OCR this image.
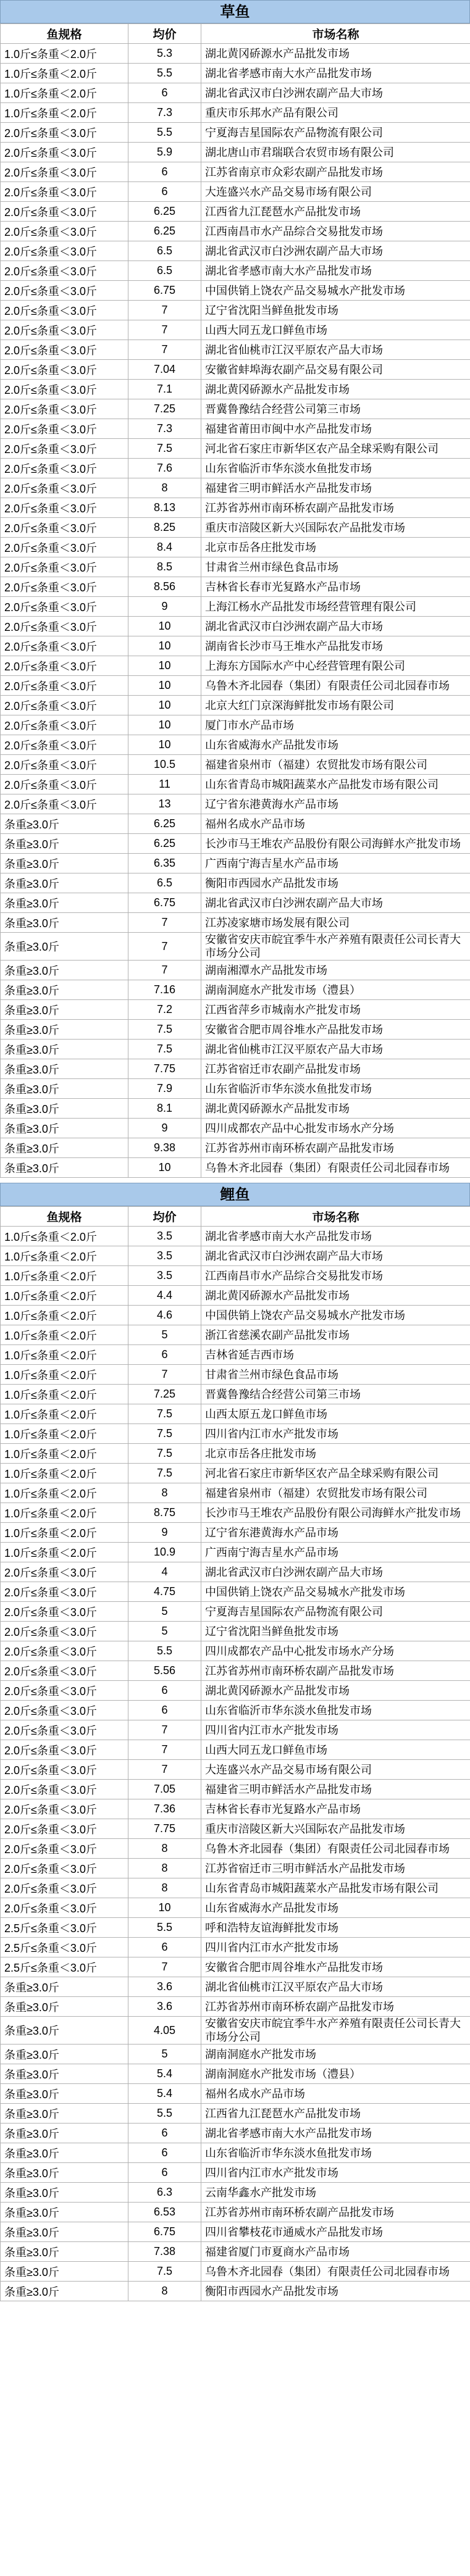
草鱼
鱼规格	均价	市场名称
1.0斤≤条重＜2.0斤	5.3	湖北黄冈硚源水产品批发市场
1.0斤≤条重＜2.0斤	5.5	湖北省孝感市南大水产品批发市场
1.0斤≤条重＜2.0斤	6	湖北省武汉市白沙洲农副产品大市场
1.0斤≤条重＜2.0斤	7.3	重庆市乐邦水产品有限公司
2.0斤≤条重＜3.0斤	5.5	宁夏海吉星国际农产品物流有限公司
2.0斤≤条重＜3.0斤	5.9	湖北唐山市君瑞联合农贸市场有限公司
2.0斤≤条重＜3.0斤	6	江苏省南京市众彩农副产品批发市场
2.0斤≤条重＜3.0斤	6	大连盛兴水产品交易市场有限公司
2.0斤≤条重＜3.0斤	6.25	江西省九江琵琶水产品批发市场
2.0斤≤条重＜3.0斤	6.25	江西南昌市水产品综合交易批发市场
2.0斤≤条重＜3.0斤	6.5	湖北省武汉市白沙洲农副产品大市场
2.0斤≤条重＜3.0斤	6.5	湖北省孝感市南大水产品批发市场
2.0斤≤条重＜3.0斤	6.75	中国供销上饶农产品交易城水产批发市场
2.0斤≤条重＜3.0斤	7	辽宁省沈阳当鲜鱼批发市场
2.0斤≤条重＜3.0斤	7	山西大同五龙口鲜鱼市场
2.0斤≤条重＜3.0斤	7	湖北省仙桃市江汉平原农产品大市场
2.0斤≤条重＜3.0斤	7.04	安徽省蚌埠海农副产品交易有限公司
2.0斤≤条重＜3.0斤	7.1	湖北黄冈硚源水产品批发市场
2.0斤≤条重＜3.0斤	7.25	晋冀鲁豫结合经营公司第三市场
2.0斤≤条重＜3.0斤	7.3	福建省莆田市闽中水产品批发市场
2.0斤≤条重＜3.0斤	7.5	河北省石家庄市新华区农产品全球采购有限公司
2.0斤≤条重＜3.0斤	7.6	山东省临沂市华东淡水鱼批发市场
2.0斤≤条重＜3.0斤	8	福建省三明市鲜活水产品批发市场
2.0斤≤条重＜3.0斤	8.13	江苏省苏州市南环桥农副产品批发市场
2.0斤≤条重＜3.0斤	8.25	重庆市涪陵区新大兴国际农产品批发市场
2.0斤≤条重＜3.0斤	8.4	北京市岳各庄批发市场
2.0斤≤条重＜3.0斤	8.5	甘肃省兰州市绿色食品市场
2.0斤≤条重＜3.0斤	8.56	吉林省长春市光复路水产品市场
2.0斤≤条重＜3.0斤	9	上海江杨水产品批发市场经营管理有限公司
2.0斤≤条重＜3.0斤	10	湖北省武汉市白沙洲农副产品大市场
2.0斤≤条重＜3.0斤	10	湖南省长沙市马王堆水产品批发市场
2.0斤≤条重＜3.0斤	10	上海东方国际水产中心经营管理有限公司
2.0斤≤条重＜3.0斤	10	乌鲁木齐北园春（集团）有限责任公司北园春市场
2.0斤≤条重＜3.0斤	10	北京大红门京深海鲜批发市场有限公司
2.0斤≤条重＜3.0斤	10	厦门市水产品市场
2.0斤≤条重＜3.0斤	10	山东省威海水产品批发市场
2.0斤≤条重＜3.0斤	10.5	福建省泉州市（福建）农贸批发市场有限公司
2.0斤≤条重＜3.0斤	11	山东省青岛市城阳蔬菜水产品批发市场有限公司
2.0斤≤条重＜3.0斤	13	辽宁省东港黄海水产品市场
条重≥3.0斤	6.25	福州名成水产品市场
条重≥3.0斤	6.25	长沙市马王堆农产品股份有限公司海鲜水产批发市场
条重≥3.0斤	6.35	广西南宁海吉星水产品市场
条重≥3.0斤	6.5	衡阳市西园水产品批发市场
条重≥3.0斤	6.75	湖北省武汉市白沙洲农副产品大市场
条重≥3.0斤	7	江苏凌家塘市场发展有限公司
条重≥3.0斤	7	安徽省安庆市皖宜季牛水产养殖有限责任公司长青大市场分公司
条重≥3.0斤	7	湖南湘潭水产品批发市场
条重≥3.0斤	7.16	湖南洞庭水产批发市场（澧县）
条重≥3.0斤	7.2	江西省萍乡市城南水产批发市场
条重≥3.0斤	7.5	安徽省合肥市周谷堆水产品批发市场
条重≥3.0斤	7.5	湖北省仙桃市江汉平原农产品大市场
条重≥3.0斤	7.75	江苏省宿迁市农副产品批发市场
条重≥3.0斤	7.9	山东省临沂市华东淡水鱼批发市场
条重≥3.0斤	8.1	湖北黄冈硚源水产品批发市场
条重≥3.0斤	9	四川成都农产品中心批发市场水产分场
条重≥3.0斤	9.38	江苏省苏州市南环桥农副产品批发市场
条重≥3.0斤	10	乌鲁木齐北园春（集团）有限责任公司北园春市场
鲤鱼
鱼规格	均价	市场名称
1.0斤≤条重＜2.0斤	3.5	湖北省孝感市南大水产品批发市场
1.0斤≤条重＜2.0斤	3.5	湖北省武汉市白沙洲农副产品大市场
1.0斤≤条重＜2.0斤	3.5	江西南昌市水产品综合交易批发市场
1.0斤≤条重＜2.0斤	4.4	湖北黄冈硚源水产品批发市场
1.0斤≤条重＜2.0斤	4.6	中国供销上饶农产品交易城水产批发市场
1.0斤≤条重＜2.0斤	5	浙江省慈溪农副产品批发市场
1.0斤≤条重＜2.0斤	6	吉林省延吉西市场
1.0斤≤条重＜2.0斤	7	甘肃省兰州市绿色食品市场
1.0斤≤条重＜2.0斤	7.25	晋冀鲁豫结合经营公司第三市场
1.0斤≤条重＜2.0斤	7.5	山西太原五龙口鲜鱼市场
1.0斤≤条重＜2.0斤	7.5	四川省内江市水产批发市场
1.0斤≤条重＜2.0斤	7.5	北京市岳各庄批发市场
1.0斤≤条重＜2.0斤	7.5	河北省石家庄市新华区农产品全球采购有限公司
1.0斤≤条重＜2.0斤	8	福建省泉州市（福建）农贸批发市场有限公司
1.0斤≤条重＜2.0斤	8.75	长沙市马王堆农产品股份有限公司海鲜水产批发市场
1.0斤≤条重＜2.0斤	9	辽宁省东港黄海水产品市场
1.0斤≤条重＜2.0斤	10.9	广西南宁海吉星水产品市场
2.0斤≤条重＜3.0斤	4	湖北省武汉市白沙洲农副产品大市场
2.0斤≤条重＜3.0斤	4.75	中国供销上饶农产品交易城水产批发市场
2.0斤≤条重＜3.0斤	5	宁夏海吉星国际农产品物流有限公司
2.0斤≤条重＜3.0斤	5	辽宁省沈阳当鲜鱼批发市场
2.0斤≤条重＜3.0斤	5.5	四川成都农产品中心批发市场水产分场
2.0斤≤条重＜3.0斤	5.56	江苏省苏州市南环桥农副产品批发市场
2.0斤≤条重＜3.0斤	6	湖北黄冈硚源水产品批发市场
2.0斤≤条重＜3.0斤	6	山东省临沂市华东淡水鱼批发市场
2.0斤≤条重＜3.0斤	7	四川省内江市水产批发市场
2.0斤≤条重＜3.0斤	7	山西大同五龙口鲜鱼市场
2.0斤≤条重＜3.0斤	7	大连盛兴水产品交易市场有限公司
2.0斤≤条重＜3.0斤	7.05	福建省三明市鲜活水产品批发市场
2.0斤≤条重＜3.0斤	7.36	吉林省长春市光复路水产品市场
2.0斤≤条重＜3.0斤	7.75	重庆市涪陵区新大兴国际农产品批发市场
2.0斤≤条重＜3.0斤	8	乌鲁木齐北园春（集团）有限责任公司北园春市场
2.0斤≤条重＜3.0斤	8	江苏省宿迁市三明市鲜活水产品批发市场
2.0斤≤条重＜3.0斤	8	山东省青岛市城阳蔬菜水产品批发市场有限公司
2.0斤≤条重＜3.0斤	10	山东省威海水产品批发市场
2.5斤≤条重＜3.0斤	5.5	呼和浩特友谊海鲜批发市场
2.5斤≤条重＜3.0斤	6	四川省内江市水产批发市场
2.5斤≤条重＜3.0斤	7	安徽省合肥市周谷堆水产品批发市场
条重≥3.0斤	3.6	湖北省仙桃市江汉平原农产品大市场
条重≥3.0斤	3.6	江苏省苏州市南环桥农副产品批发市场
条重≥3.0斤	4.05	安徽省安庆市皖宜季牛水产养殖有限责任公司长青大市场分公司
条重≥3.0斤	5	湖南洞庭水产批发市场
条重≥3.0斤	5.4	湖南洞庭水产批发市场（澧县）
条重≥3.0斤	5.4	福州名成水产品市场
条重≥3.0斤	5.5	江西省九江琵琶水产品批发市场
条重≥3.0斤	6	湖北省孝感市南大水产品批发市场
条重≥3.0斤	6	山东省临沂市华东淡水鱼批发市场
条重≥3.0斤	6	四川省内江市水产批发市场
条重≥3.0斤	6.3	云南华鑫水产批发市场
条重≥3.0斤	6.53	江苏省苏州市南环桥农副产品批发市场
条重≥3.0斤	6.75	四川省攀枝花市通威水产品批发市场
条重≥3.0斤	7.38	福建省厦门市夏商水产品市场
条重≥3.0斤	7.5	乌鲁木齐北园春（集团）有限责任公司北园春市场
条重≥3.0斤	8	衡阳市西园水产品批发市场
